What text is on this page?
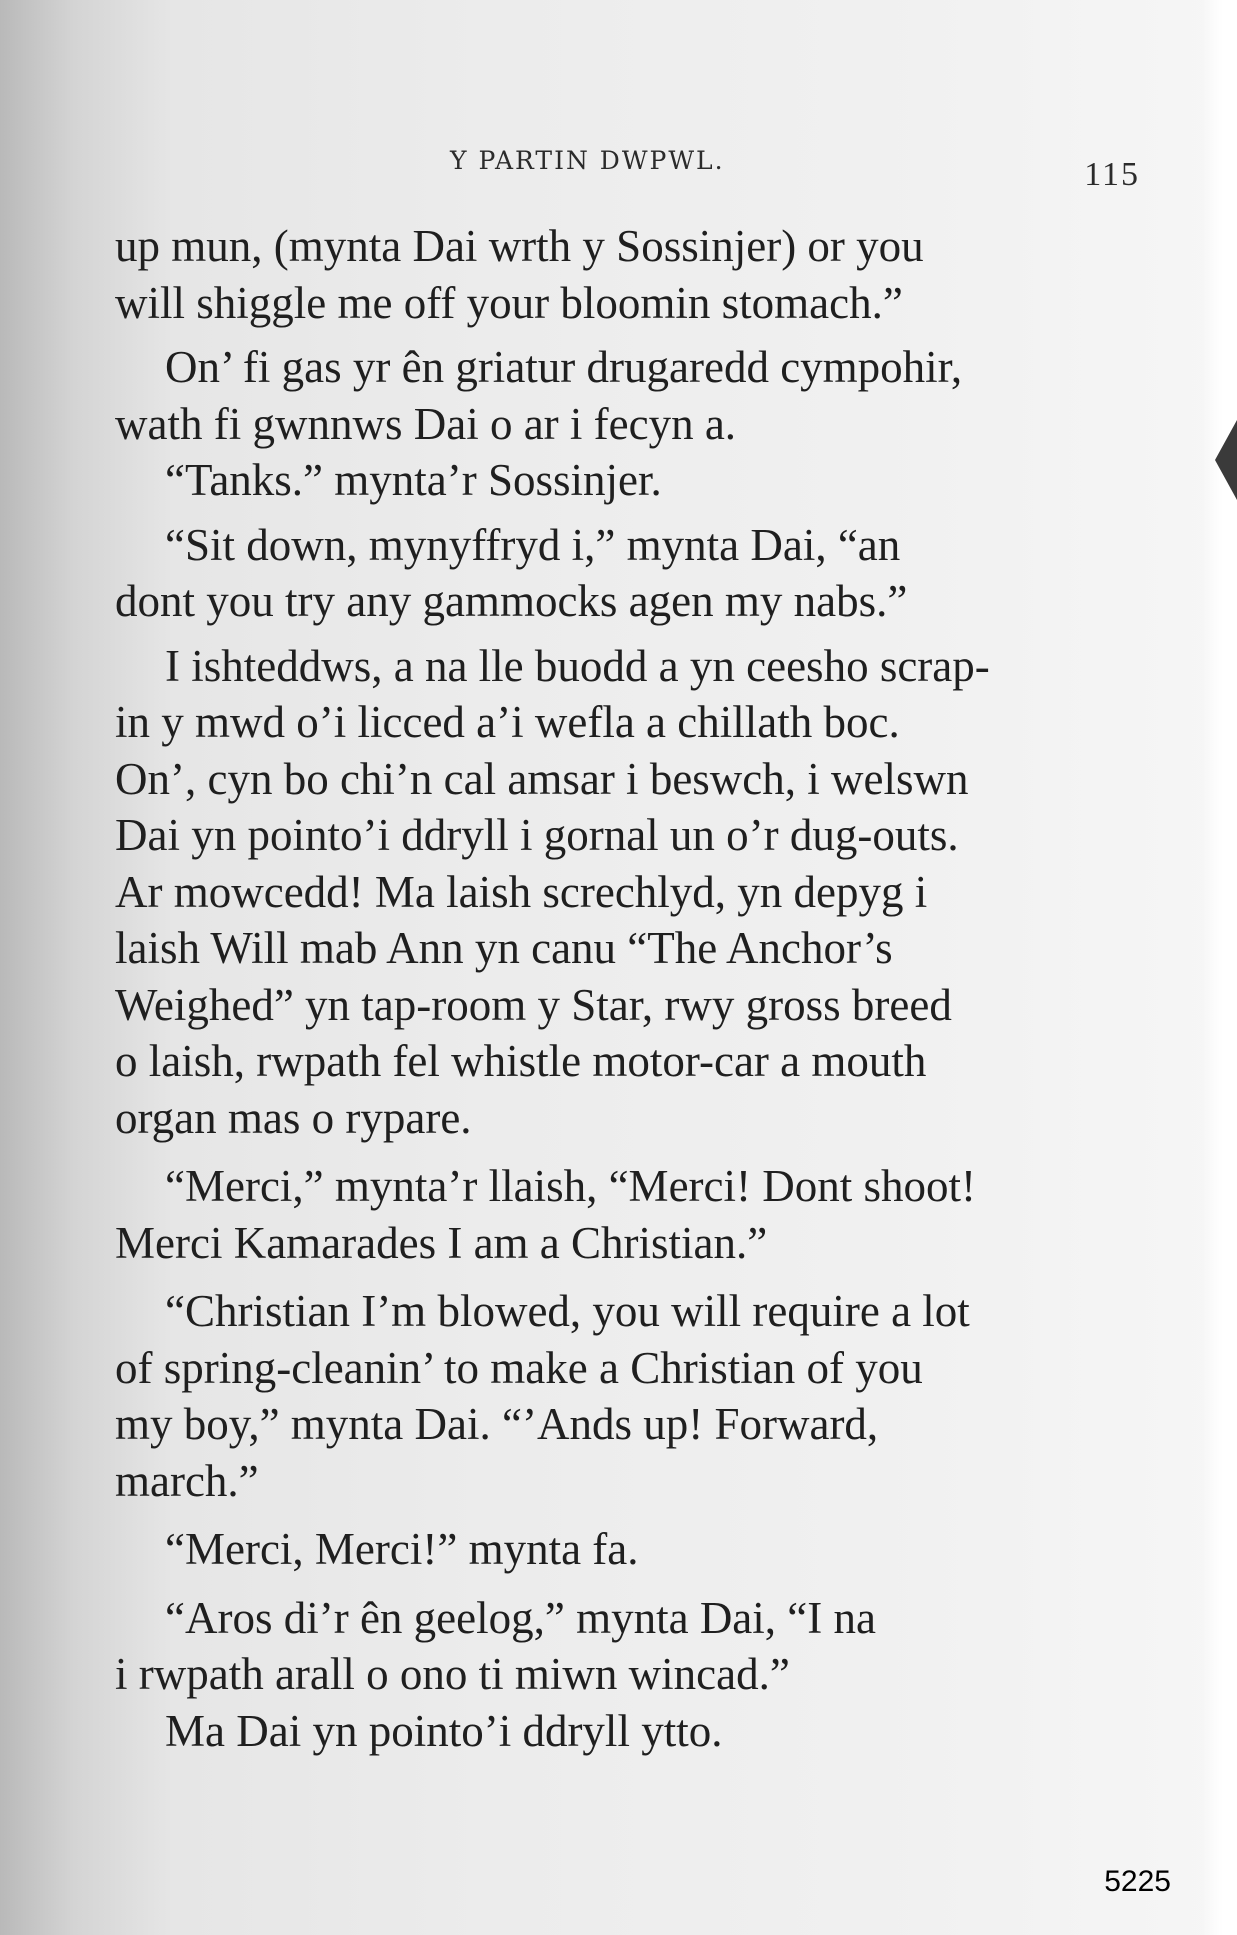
Y PARTIN DWPWL.	115

up mun, (mynta Dai wrth y Sossinjer) or you

will shiggle me off your bloomin stomach.”

On’ fi gas yr ên griatur drugaredd cympohir,

wath fi gwnnws Dai o ar i fecyn a.

“Tanks.” mynta’r Sossinjer.

“Sit down, mynyffryd i,” mynta Dai, “an

dont you try any gammocks agen my nabs.”

I ishteddws, a na lle buodd a yn ceesho scrap-

in y mwd o’i licced a’i wefla a chillath boc.

On’, cyn bo chi’n cal amsar i beswch, i welswn

Dai yn pointo’i ddryll i gornal un o’r dug-outs.

Ar mowcedd! Ma laish screchlyd, yn depyg i

laish Will mab Ann yn canu “The Anchor’s

Weighed” yn tap-room y Star, rwy gross breed

o laish, rwpath fel whistle motor-car a mouth

organ mas o rypare.

“Merci,” mynta’r llaish, “Merci! Dont shoot!

Merci Kamarades I am a Christian.”

“Christian I’m blowed, you will require a lot

of spring-cleanin’ to make a Christian of you

my boy,” mynta Dai. “’Ands up! Forward,

march.”

“Merci, Merci!” mynta fa.

“Aros di’r ên geelog,” mynta Dai, “I na

i rwpath arall o ono ti miwn wincad.”

Ma Dai yn pointo’i ddryll ytto.

5225
